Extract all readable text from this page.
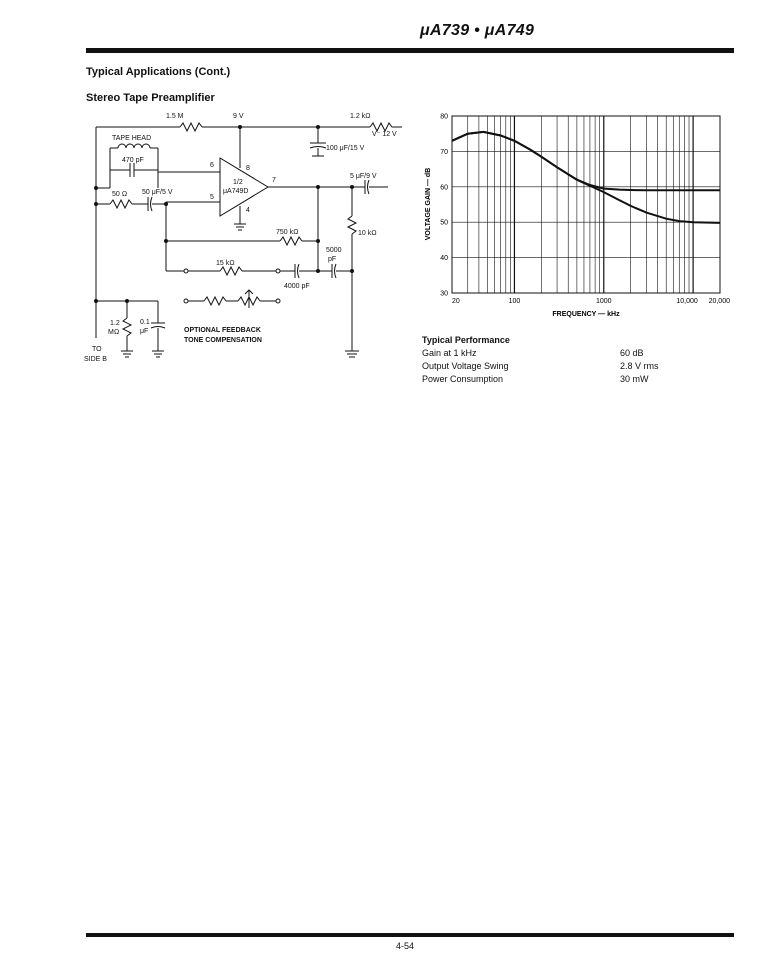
μA739 • μA749
Typical Applications (Cont.)
Stereo Tape Preamplifier
1.5 M	9 V	1.2 kΩ
V⁻ 12 V
100 μF/15 V
TAPE HEAD
470 pF
6	8
5
7
4
1/2
μA749D
50 Ω 50 μF/5 V
5 μF/9 V
10 kΩ
750 kΩ
5000
pF
15 kΩ
4000 pF
1.2
MΩ
0.1
μF	OPTIONAL FEEDBACK
TONE COMPENSATION
TO
SIDE B
30
40
50
60
70
80
20	100	1000	10,000 20,000
VOLTAGE GAIN — dB
FREQUENCY — kHz
Typical Performance
Gain at 1 kHz	60 dB
Output Voltage Swing	2.8 V rms
Power Consumption	30 mW
4-54
